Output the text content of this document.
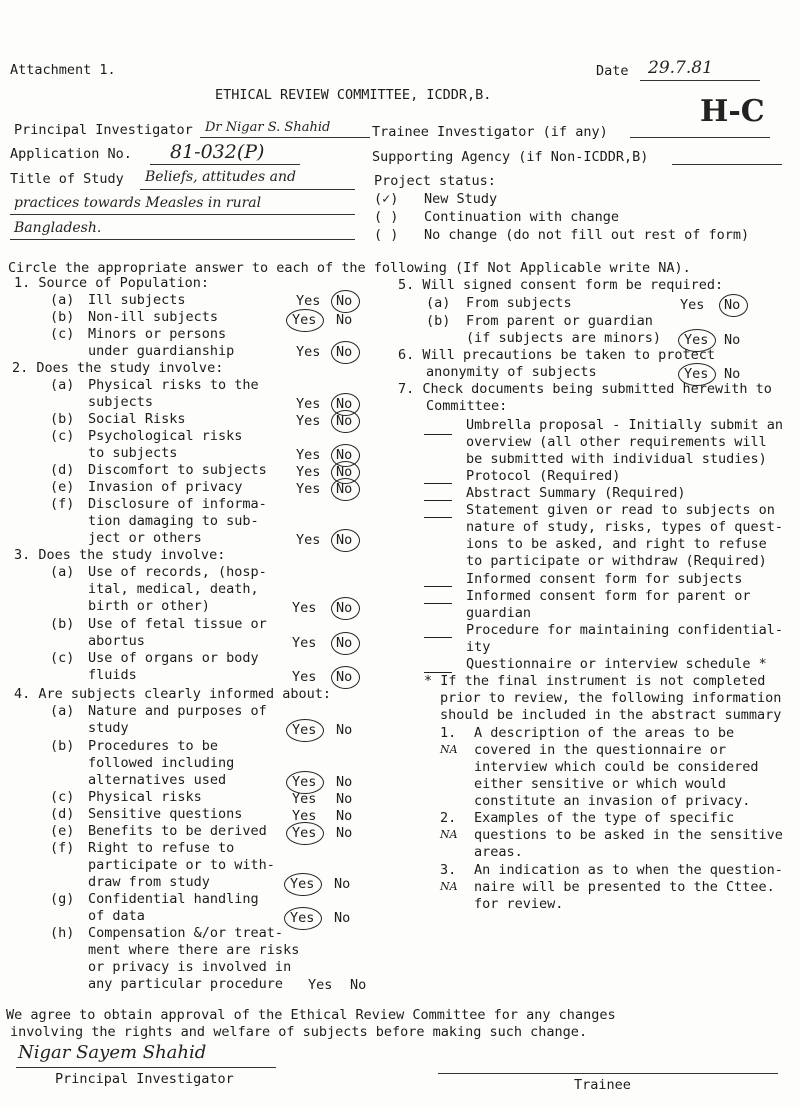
Attachment 1.	Date 29.7.81
ETHICAL REVIEW COMMITTEE, ICDDR,B.	H-C
Principal Investigator Dr Nigar S. Shahid	Trainee Investigator (if any)
Application No. 81-032(P)	Supporting Agency (if Non-ICDDR,B)
Title of Study Beliefs, attitudes and
practices towards Measles in rural
Bangladesh.
Project status:
(✓) New Study
( ) Continuation with change
( ) No change (do not fill out rest of form)
Circle the appropriate answer to each of the following (If Not Applicable write NA).
1. Source of Population:
(a) Ill subjects	Yes No
(b) Non-ill subjects	Yes No
(c) Minors or persons
under guardianship	Yes No
2. Does the study involve:
(a) Physical risks to the
subjects	Yes No
(b) Social Risks	Yes No
(c) Psychological risks
to subjects	Yes No
(d) Discomfort to subjects Yes No
(e) Invasion of privacy	Yes No
(f) Disclosure of informa-
tion damaging to sub-
ject or others	Yes No
3. Does the study involve:
(a) Use of records, (hosp-
ital, medical, death,
birth or other)	Yes No
(b) Use of fetal tissue or
abortus	Yes No
(c) Use of organs or body
fluids	Yes No
4. Are subjects clearly informed about:
(a) Nature and purposes of
study	Yes No
(b) Procedures to be
followed including
alternatives used	Yes No
(c) Physical risks	Yes No
(d) Sensitive questions	Yes No
(e) Benefits to be derived Yes No
(f) Right to refuse to
participate or to with-
draw from study	Yes No
(g) Confidential handling
of data	Yes No
(h) Compensation &/or treat-
ment where there are risks
or privacy is involved in
any particular procedure Yes No
5. Will signed consent form be required:
(a) From subjects	Yes No
(b) From parent or guardian
(if subjects are minors) Yes No
6. Will precautions be taken to protect
anonymity of subjects	Yes No
7. Check documents being submitted herewith to
Committee:
Umbrella proposal - Initially submit an
overview (all other requirements will
be submitted with individual studies)
Protocol (Required)
Abstract Summary (Required)
Statement given or read to subjects on
nature of study, risks, types of quest-
ions to be asked, and right to refuse
to participate or withdraw (Required)
Informed consent form for subjects
Informed consent form for parent or
guardian
Procedure for maintaining confidential-
ity
Questionnaire or interview schedule *
* If the final instrument is not completed
prior to review, the following information
should be included in the abstract summary
1. A description of the areas to be
covered in the questionnaire or
interview which could be considered
either sensitive or which would
constitute an invasion of privacy.
NA
2. Examples of the type of specific
questions to be asked in the sensitive
areas.
NA
3. An indication as to when the question-
naire will be presented to the Cttee.
for review.
NA
We agree to obtain approval of the Ethical Review Committee for any changes
involving the rights and welfare of subjects before making such change.
Nigar Sayem Shahid
Principal Investigator	Trainee
